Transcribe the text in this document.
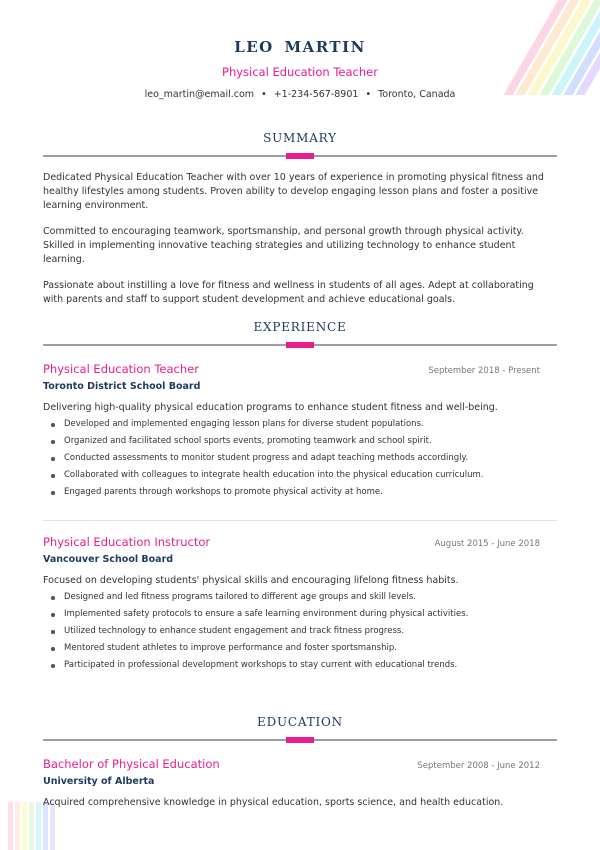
LEO MARTIN
Physical Education Teacher
leo_martin@email.com • +1-234-567-8901 • Toronto, Canada
SUMMARY

Dedicated Physical Education Teacher with over 10 years of experience in promoting physical fitness and healthy lifestyles among students. Proven ability to develop engaging lesson plans and foster a positive learning environment.

Committed to encouraging teamwork, sportsmanship, and personal growth through physical activity. Skilled in implementing innovative teaching strategies and utilizing technology to enhance student learning.

Passionate about instilling a love for fitness and wellness in students of all ages. Adept at collaborating with parents and staff to support student development and achieve educational goals.

EXPERIENCE
Physical Education Teacher	September 2018 - Present
Toronto District School Board
Delivering high-quality physical education programs to enhance student fitness and well-being.
Developed and implemented engaging lesson plans for diverse student populations.
Organized and facilitated school sports events, promoting teamwork and school spirit.
Conducted assessments to monitor student progress and adapt teaching methods accordingly.
Collaborated with colleagues to integrate health education into the physical education curriculum.
Engaged parents through workshops to promote physical activity at home.
Physical Education Instructor	August 2015 - June 2018
Vancouver School Board
Focused on developing students' physical skills and encouraging lifelong fitness habits.
Designed and led fitness programs tailored to different age groups and skill levels.
Implemented safety protocols to ensure a safe learning environment during physical activities.
Utilized technology to enhance student engagement and track fitness progress.
Mentored student athletes to improve performance and foster sportsmanship.
Participated in professional development workshops to stay current with educational trends.
EDUCATION
Bachelor of Physical Education	September 2008 - June 2012
University of Alberta
Acquired comprehensive knowledge in physical education, sports science, and health education.
